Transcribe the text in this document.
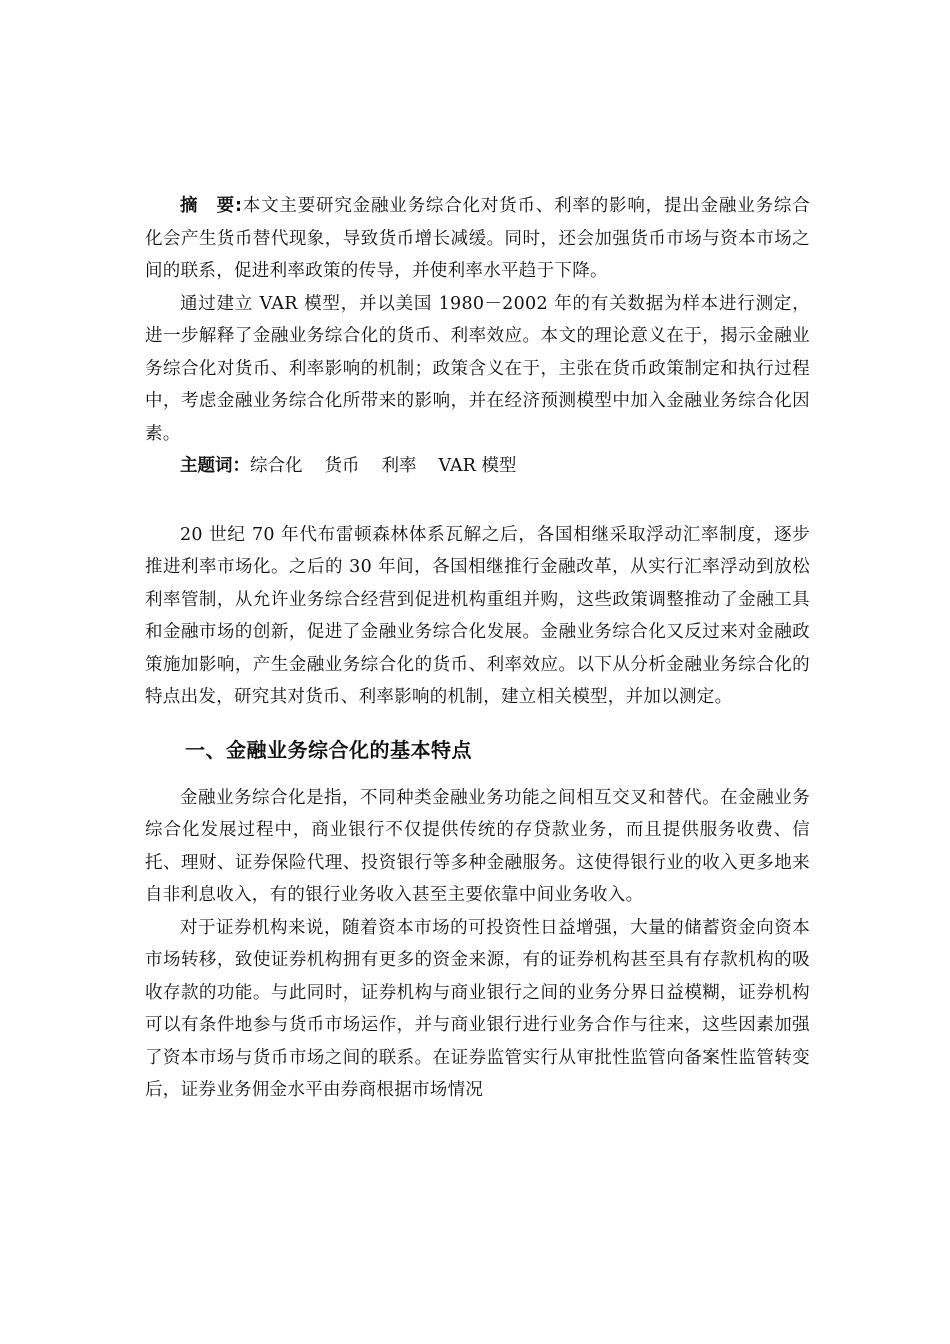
摘　要:本文主要研究金融业务综合化对货币、利率的影响，提出金融业务综合化会产生货币替代现象，导致货币增长减缓。同时，还会加强货币市场与资本市场之间的联系，促进利率政策的传导，并使利率水平趋于下降。

通过建立 VAR 模型，并以美国 1980－2002 年的有关数据为样本进行测定，进一步解释了金融业务综合化的货币、利率效应。本文的理论意义在于，揭示金融业务综合化对货币、利率影响的机制；政策含义在于，主张在货币政策制定和执行过程中，考虑金融业务综合化所带来的影响，并在经济预测模型中加入金融业务综合化因素。

主题词：综合化 货币 利率 VAR 模型

20 世纪 70 年代布雷顿森林体系瓦解之后，各国相继采取浮动汇率制度，逐步推进利率市场化。之后的 30 年间，各国相继推行金融改革，从实行汇率浮动到放松利率管制，从允许业务综合经营到促进机构重组并购，这些政策调整推动了金融工具和金融市场的创新，促进了金融业务综合化发展。金融业务综合化又反过来对金融政策施加影响，产生金融业务综合化的货币、利率效应。以下从分析金融业务综合化的特点出发，研究其对货币、利率影响的机制，建立相关模型，并加以测定。

一、金融业务综合化的基本特点

金融业务综合化是指，不同种类金融业务功能之间相互交叉和替代。在金融业务综合化发展过程中，商业银行不仅提供传统的存贷款业务，而且提供服务收费、信托、理财、证券保险代理、投资银行等多种金融服务。这使得银行业的收入更多地来自非利息收入，有的银行业务收入甚至主要依靠中间业务收入。

对于证券机构来说，随着资本市场的可投资性日益增强，大量的储蓄资金向资本市场转移，致使证券机构拥有更多的资金来源，有的证券机构甚至具有存款机构的吸收存款的功能。与此同时，证券机构与商业银行之间的业务分界日益模糊，证券机构可以有条件地参与货币市场运作，并与商业银行进行业务合作与往来，这些因素加强了资本市场与货币市场之间的联系。在证券监管实行从审批性监管向备案性监管转变后，证券业务佣金水平由券商根据市场情况
